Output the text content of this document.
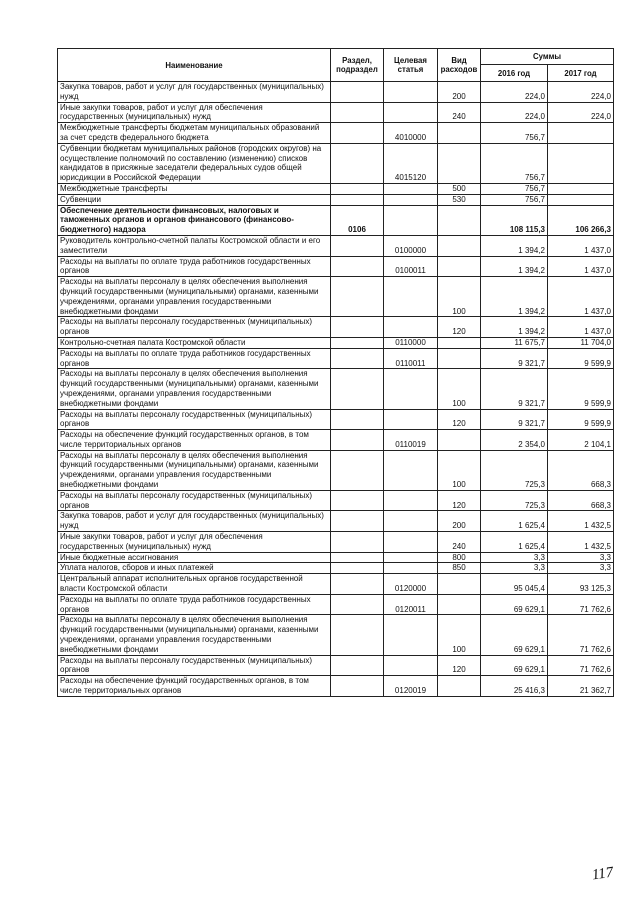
Наименование	Раздел, подраздел	Целевая статья	Вид расходов	Суммы	
				2016 год	2017 год
Закупка товаров, работ и услуг для государственных (муниципальных) нужд			200	224,0	224,0
Иные закупки товаров, работ и услуг для обеспечения государственных (муниципальных) нужд			240	224,0	224,0
Межбюджетные трансферты бюджетам муниципальных образований за счет средств федерального бюджета		4010000		756,7	
Субвенции бюджетам муниципальных районов (городских округов) на осуществление полномочий по составлению (изменению) списков кандидатов в присяжные заседатели федеральных судов общей юрисдикции в Российской Федерации		4015120		756,7	
Межбюджетные трансферты			500	756,7	
Субвенции			530	756,7	
Обеспечение деятельности финансовых, налоговых и таможенных органов и органов финансового (финансово-бюджетного) надзора	0106			108 115,3	106 266,3
Руководитель контрольно-счетной палаты Костромской области и его заместители		0100000		1 394,2	1 437,0
Расходы на выплаты по оплате труда работников государственных органов		0100011		1 394,2	1 437,0
Расходы на выплаты персоналу в целях обеспечения выполнения функций государственными (муниципальными) органами, казенными учреждениями, органами управления государственными внебюджетными фондами			100	1 394,2	1 437,0
Расходы на выплаты персоналу государственных (муниципальных) органов			120	1 394,2	1 437,0
Контрольно-счетная палата Костромской области		0110000		11 675,7	11 704,0
Расходы на выплаты по оплате труда работников государственных органов		0110011		9 321,7	9 599,9
Расходы на выплаты персоналу в целях обеспечения выполнения функций государственными (муниципальными) органами, казенными учреждениями, органами управления государственными внебюджетными фондами			100	9 321,7	9 599,9
Расходы на выплаты персоналу государственных (муниципальных) органов			120	9 321,7	9 599,9
Расходы на обеспечение функций государственных органов, в том числе территориальных органов		0110019		2 354,0	2 104,1
Расходы на выплаты персоналу в целях обеспечения выполнения функций государственными (муниципальными) органами, казенными учреждениями, органами управления государственными внебюджетными фондами			100	725,3	668,3
Расходы на выплаты персоналу государственных (муниципальных) органов			120	725,3	668,3
Закупка товаров, работ и услуг для государственных (муниципальных) нужд			200	1 625,4	1 432,5
Иные закупки товаров, работ и услуг для обеспечения государственных (муниципальных) нужд			240	1 625,4	1 432,5
Иные бюджетные ассигнования			800	3,3	3,3
Уплата налогов, сборов и иных платежей			850	3,3	3,3
Центральный аппарат исполнительных органов государственной власти Костромской области		0120000		95 045,4	93 125,3
Расходы на выплаты по оплате труда работников государственных органов		0120011		69 629,1	71 762,6
Расходы на выплаты персоналу в целях обеспечения выполнения функций государственными (муниципальными) органами, казенными учреждениями, органами управления государственными внебюджетными фондами			100	69 629,1	71 762,6
Расходы на выплаты персоналу государственных (муниципальных) органов			120	69 629,1	71 762,6
Расходы на обеспечение функций государственных органов, в том числе территориальных органов		0120019		25 416,3	21 362,7
117
